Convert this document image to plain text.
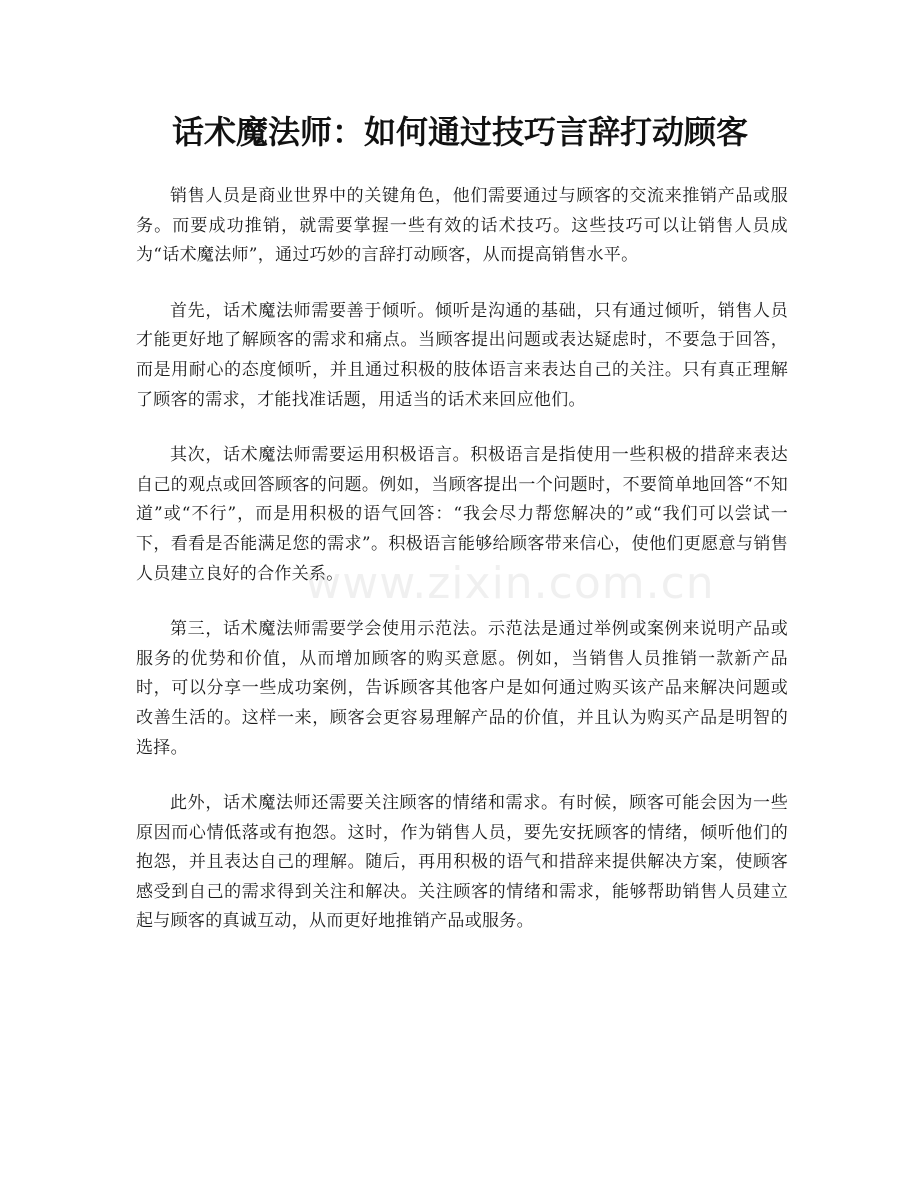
话术魔法师：如何通过技巧言辞打动顾客

销售人员是商业世界中的关键角色，他们需要通过与顾客的交流来推销产品或服务。而要成功推销，就需要掌握一些有效的话术技巧。这些技巧可以让销售人员成为“话术魔法师”，通过巧妙的言辞打动顾客，从而提高销售水平。

首先，话术魔法师需要善于倾听。倾听是沟通的基础，只有通过倾听，销售人员才能更好地了解顾客的需求和痛点。当顾客提出问题或表达疑虑时，不要急于回答，而是用耐心的态度倾听，并且通过积极的肢体语言来表达自己的关注。只有真正理解了顾客的需求，才能找准话题，用适当的话术来回应他们。

其次，话术魔法师需要运用积极语言。积极语言是指使用一些积极的措辞来表达自己的观点或回答顾客的问题。例如，当顾客提出一个问题时，不要简单地回答“不知道”或“不行”，而是用积极的语气回答：“我会尽力帮您解决的”或“我们可以尝试一下，看看是否能满足您的需求”。积极语言能够给顾客带来信心，使他们更愿意与销售人员建立良好的合作关系。

第三，话术魔法师需要学会使用示范法。示范法是通过举例或案例来说明产品或服务的优势和价值，从而增加顾客的购买意愿。例如，当销售人员推销一款新产品时，可以分享一些成功案例，告诉顾客其他客户是如何通过购买该产品来解决问题或改善生活的。这样一来，顾客会更容易理解产品的价值，并且认为购买产品是明智的选择。

此外，话术魔法师还需要关注顾客的情绪和需求。有时候，顾客可能会因为一些原因而心情低落或有抱怨。这时，作为销售人员，要先安抚顾客的情绪，倾听他们的抱怨，并且表达自己的理解。随后，再用积极的语气和措辞来提供解决方案，使顾客感受到自己的需求得到关注和解决。关注顾客的情绪和需求，能够帮助销售人员建立起与顾客的真诚互动，从而更好地推销产品或服务。

www.zixin.com.cn
